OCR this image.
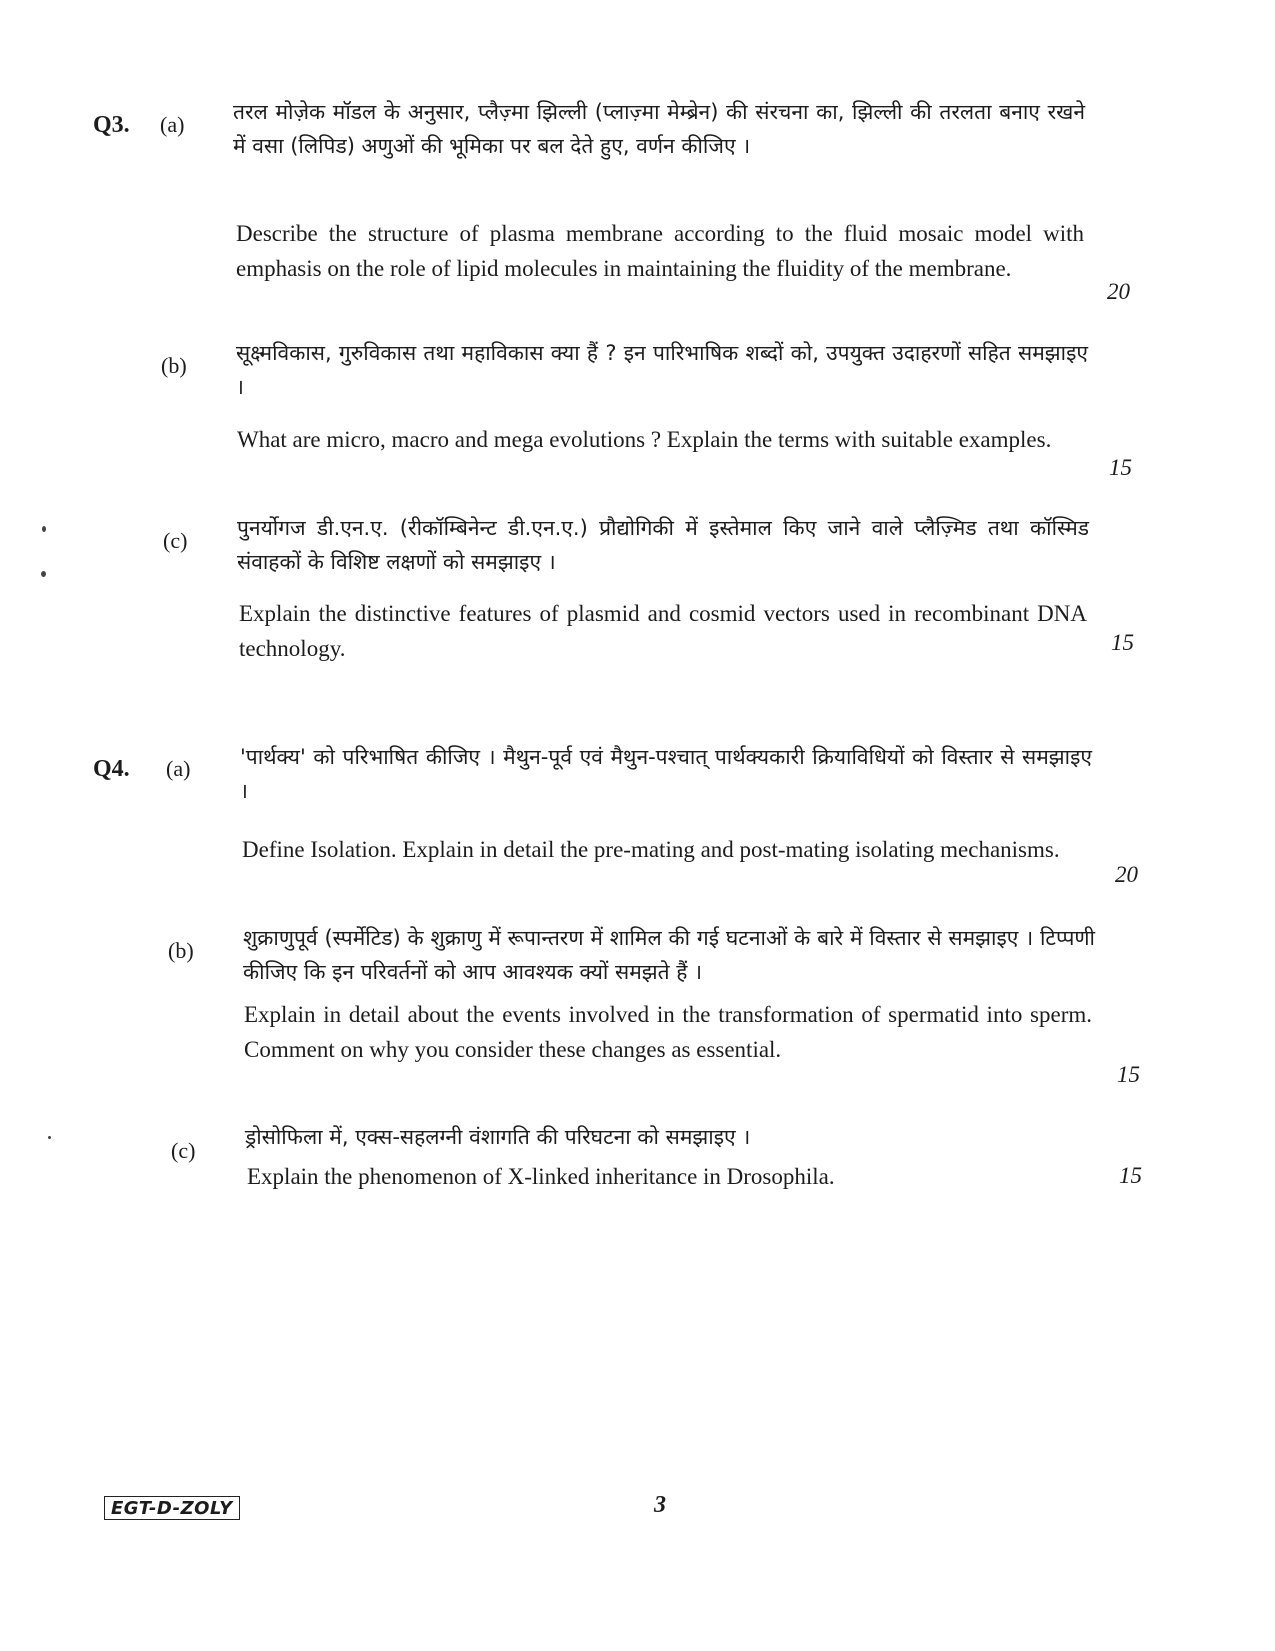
Q3. (a) तरल मोज़ेक मॉडल के अनुसार, प्लैज़्मा झिल्ली (प्लाज़्मा मेम्ब्रेन) की संरचना का, झिल्ली की तरलता बनाए रखने में वसा (लिपिड) अणुओं की भूमिका पर बल देते हुए, वर्णन कीजिए ।
Describe the structure of plasma membrane according to the fluid mosaic model with emphasis on the role of lipid molecules in maintaining the fluidity of the membrane.
20
(b) सूक्ष्मविकास, गुरुविकास तथा महाविकास क्या हैं ? इन पारिभाषिक शब्दों को, उपयुक्त उदाहरणों सहित समझाइए ।
What are micro, macro and mega evolutions ? Explain the terms with suitable examples.
15
(c) पुनर्योगज डी.एन.ए. (रीकॉम्बिनेन्ट डी.एन.ए.) प्रौद्योगिकी में इस्तेमाल किए जाने वाले प्लैज़्मिड तथा कॉस्मिड संवाहकों के विशिष्ट लक्षणों को समझाइए ।
Explain the distinctive features of plasmid and cosmid vectors used in recombinant DNA technology.	15
Q4. (a) 'पार्थक्य' को परिभाषित कीजिए । मैथुन-पूर्व एवं मैथुन-पश्चात् पार्थक्यकारी क्रियाविधियों को विस्तार से समझाइए ।
Define Isolation. Explain in detail the pre-mating and post-mating isolating mechanisms.
20
(b) शुक्राणुपूर्व (स्पर्मेटिड) के शुक्राणु में रूपान्तरण में शामिल की गई घटनाओं के बारे में विस्तार से समझाइए । टिप्पणी कीजिए कि इन परिवर्तनों को आप आवश्यक क्यों समझते हैं ।
Explain in detail about the events involved in the transformation of spermatid into sperm. Comment on why you consider these changes as essential.
15
(c)
ड्रोसोफिला में, एक्स-सहलग्नी वंशागति की परिघटना को समझाइए ।
Explain the phenomenon of X-linked inheritance in Drosophila.	15
EGT-D-ZOLY	3
